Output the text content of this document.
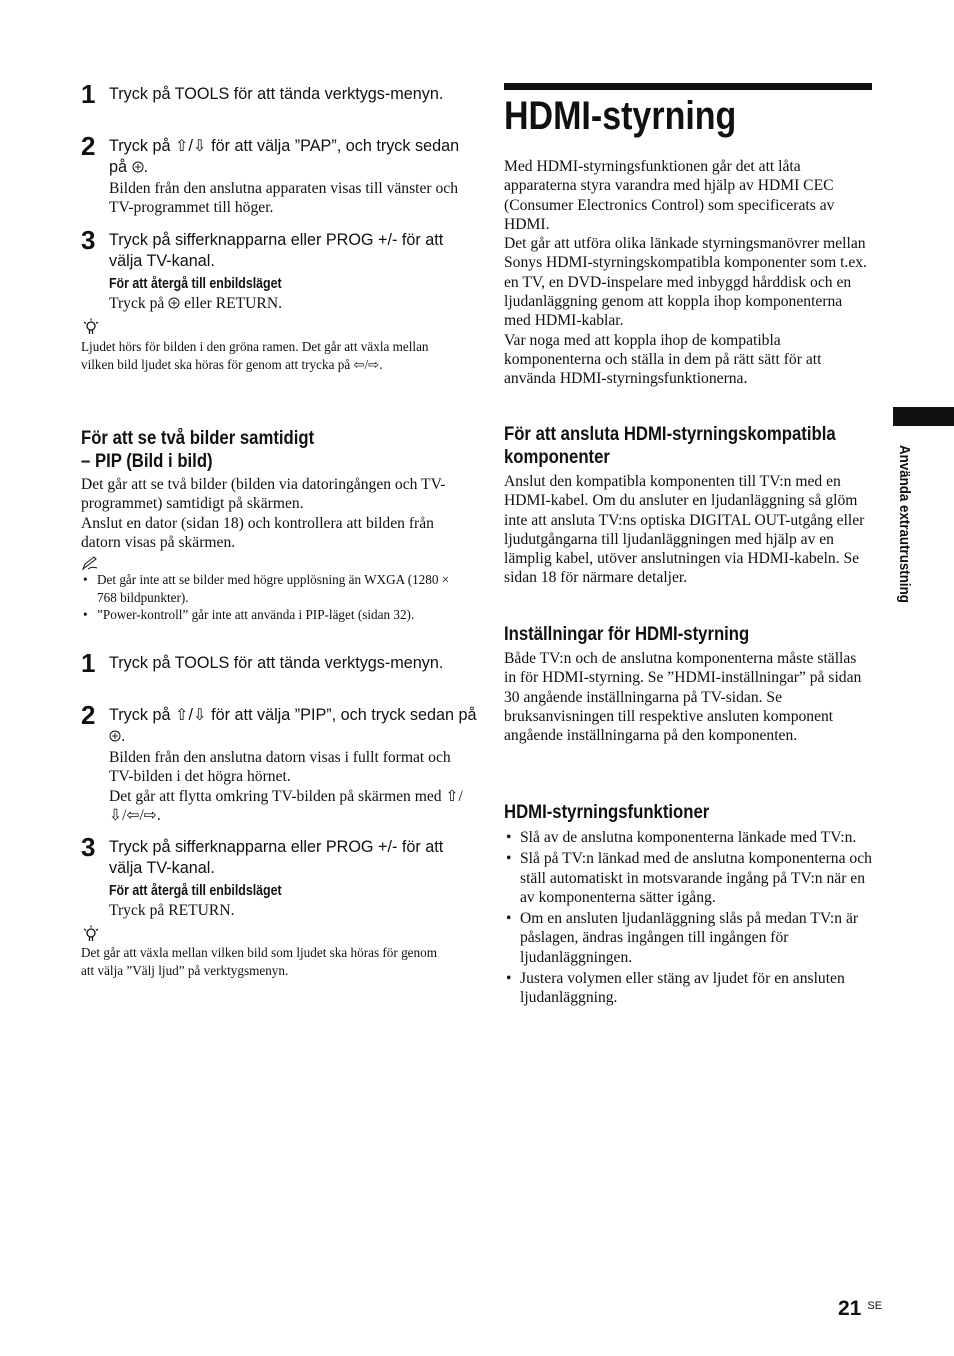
1 Tryck på TOOLS för att tända verktygs-menyn.

2 Tryck på ⇧/⇩ för att välja ”PAP”, och tryck sedan på .

Bilden från den anslutna apparaten visas till vänster och TV-programmet till höger.

3 Tryck på sifferknapparna eller PROG +/- för att välja TV-kanal.

För att återgå till enbildsläget

Tryck på  eller RETURN.

Ljudet hörs för bilden i den gröna ramen. Det går att växla mellan vilken bild ljudet ska höras för genom att trycka på ⇦/⇨.

För att se två bilder samtidigt

– PIP (Bild i bild)

Det går att se två bilder (bilden via datoringången och TV-programmet) samtidigt på skärmen.

Anslut en dator (sidan 18) och kontrollera att bilden från datorn visas på skärmen.

• Det går inte att se bilder med högre upplösning än WXGA (1280 × 768 bildpunkter).
• ”Power-kontroll” går inte att använda i PIP-läget (sidan 32).
1 Tryck på TOOLS för att tända verktygs-menyn.

2 Tryck på ⇧/⇩ för att välja ”PIP”, och tryck sedan på .

Bilden från den anslutna datorn visas i fullt format och TV-bilden i det högra hörnet.

Det går att flytta omkring TV-bilden på skärmen med ⇧/⇩/⇦/⇨.

3 Tryck på sifferknapparna eller PROG +/- för att välja TV-kanal.

För att återgå till enbildsläget

Tryck på RETURN.

Det går att växla mellan vilken bild som ljudet ska höras för genom att välja ”Välj ljud” på verktygsmenyn.

HDMI-styrning

Med HDMI-styrningsfunktionen går det att låta apparaterna styra varandra med hjälp av HDMI CEC (Consumer Electronics Control) som specificerats av HDMI.

Det går att utföra olika länkade styrningsmanövrer mellan Sonys HDMI-styrningskompatibla komponenter som t.ex. en TV, en DVD-inspelare med inbyggd hårddisk och en ljudanläggning genom att koppla ihop komponenterna med HDMI-kablar.

Var noga med att koppla ihop de kompatibla komponenterna och ställa in dem på rätt sätt för att använda HDMI-styrningsfunktionerna.

För att ansluta HDMI-styrningskompatibla komponenter

Anslut den kompatibla komponenten till TV:n med en HDMI-kabel. Om du ansluter en ljudanläggning så glöm inte att ansluta TV:ns optiska DIGITAL OUT-utgång eller ljudutgångarna till ljudanläggningen med hjälp av en lämplig kabel, utöver anslutningen via HDMI-kabeln. Se sidan 18 för närmare detaljer.

Inställningar för HDMI-styrning

Både TV:n och de anslutna komponenterna måste ställas in för HDMI-styrning. Se ”HDMI-inställningar” på sidan 30 angående inställningarna på TV-sidan. Se bruksanvisningen till respektive ansluten komponent angående inställningarna på den komponenten.

HDMI-styrningsfunktioner

• Slå av de anslutna komponenterna länkade med TV:n.
• Slå på TV:n länkad med de anslutna komponenterna och ställ automatiskt in motsvarande ingång på TV:n när en av komponenterna sätter igång.
• Om en ansluten ljudanläggning slås på medan TV:n är påslagen, ändras ingången till ingången för ljudanläggningen.
• Justera volymen eller stäng av ljudet för en ansluten ljudanläggning.
Använda extrautrustning
21 $^{SE}$
